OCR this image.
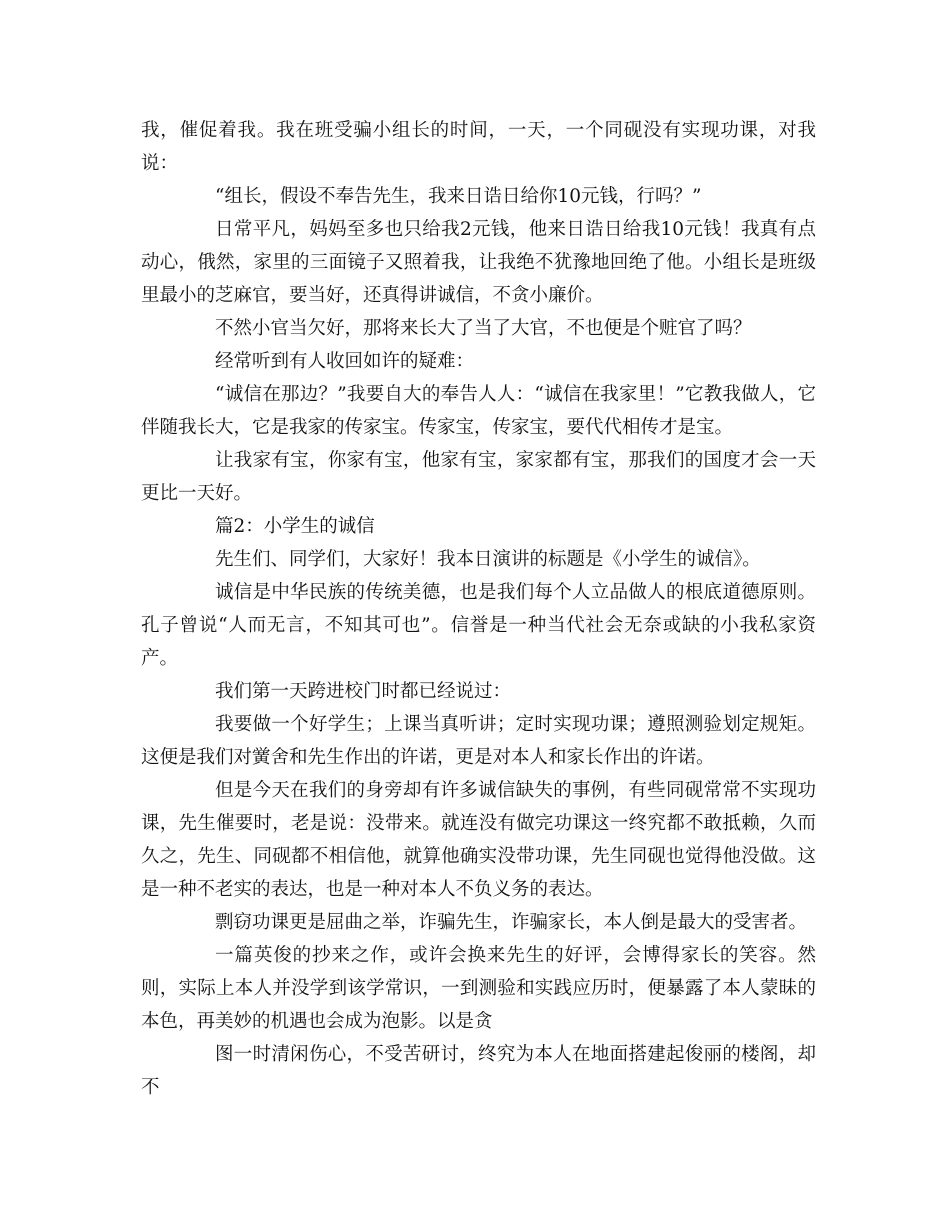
我，催促着我。我在班受骗小组长的时间，一天，一个同砚没有实现功课，对我说：

“组长，假设不奉告先生，我来日诰日给你10元钱，行吗？”

日常平凡，妈妈至多也只给我2元钱，他来日诰日给我10元钱！我真有点动心，俄然，家里的三面镜子又照着我，让我绝不犹豫地回绝了他。小组长是班级里最小的芝麻官，要当好，还真得讲诚信，不贪小廉价。

不然小官当欠好，那将来长大了当了大官，不也便是个赃官了吗？

经常听到有人收回如许的疑难：

“诚信在那边？”我要自大的奉告人人：“诚信在我家里！”它教我做人，它伴随我长大，它是我家的传家宝。传家宝，传家宝，要代代相传才是宝。

让我家有宝，你家有宝，他家有宝，家家都有宝，那我们的国度才会一天更比一天好。

篇2：小学生的诚信

先生们、同学们，大家好！我本日演讲的标题是《小学生的诚信》。

诚信是中华民族的传统美德，也是我们每个人立品做人的根底道德原则。孔子曾说“人而无言，不知其可也”。信誉是一种当代社会无奈或缺的小我私家资产。

我们第一天跨进校门时都已经说过：

我要做一个好学生；上课当真听讲；定时实现功课；遵照测验划定规矩。这便是我们对黉舍和先生作出的许诺，更是对本人和家长作出的许诺。

但是今天在我们的身旁却有许多诚信缺失的事例，有些同砚常常不实现功课，先生催要时，老是说：没带来。就连没有做完功课这一终究都不敢抵赖，久而久之，先生、同砚都不相信他，就算他确实没带功课，先生同砚也觉得他没做。这是一种不老实的表达，也是一种对本人不负义务的表达。

剽窃功课更是屈曲之举，诈骗先生，诈骗家长，本人倒是最大的受害者。

一篇英俊的抄来之作，或许会换来先生的好评，会博得家长的笑容。然则，实际上本人并没学到该学常识，一到测验和实践应历时，便暴露了本人蒙昧的本色，再美妙的机遇也会成为泡影。以是贪

图一时清闲伤心，不受苦研讨，终究为本人在地面搭建起俊丽的楼阁，却不
